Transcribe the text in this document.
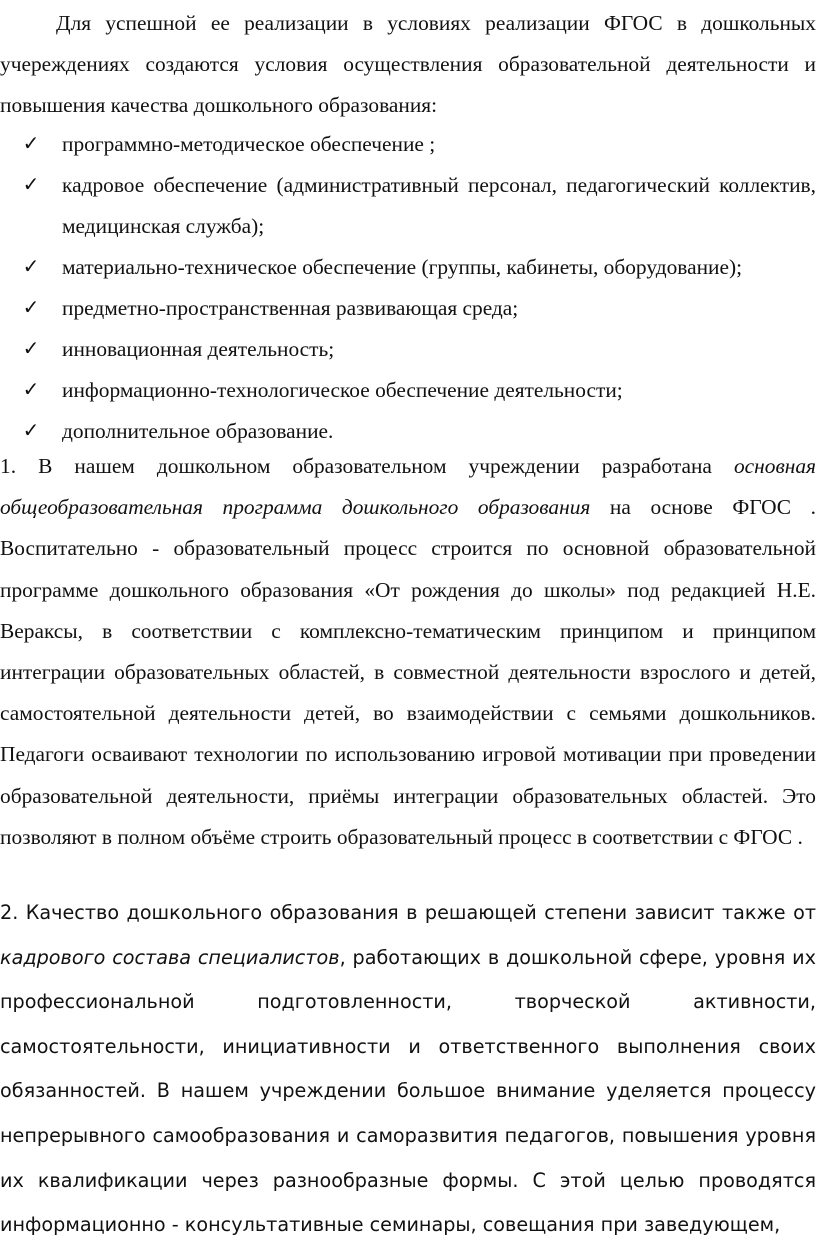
Для успешной ее реализации в условиях реализации ФГОС в дошкольных учереждениях создаются условия осуществления образовательной деятельности и повышения качества дошкольного образования:

✓ программно-методическое обеспечение ;
✓ кадровое обеспечение (административный персонал, педагогический коллектив, медицинская служба);
✓ материально-техническое обеспечение (группы, кабинеты, оборудование);
✓ предметно-пространственная развивающая среда;
✓ инновационная деятельность;
✓ информационно-технологическое обеспечение деятельности;
✓ дополнительное образование.

1. В нашем дошкольном образовательном учреждении разработана основная общеобразовательная программа дошкольного образования на основе ФГОС . Воспитательно - образовательный процесс строится по основной образовательной программе дошкольного образования «От рождения до школы» под редакцией Н.Е. Вераксы, в соответствии с комплексно-тематическим принципом и принципом интеграции образовательных областей, в совместной деятельности взрослого и детей, самостоятельной деятельности детей, во взаимодействии с семьями дошкольников. Педагоги осваивают технологии по использованию игровой мотивации при проведении образовательной деятельности, приёмы интеграции образовательных областей. Это позволяют в полном объёме строить образовательный процесс в соответствии с ФГОС .

2. Качество дошкольного образования в решающей степени зависит также от кадрового состава специалистов, работающих в дошкольной сфере, уровня их профессиональной подготовленности, творческой активности, самостоятельности, инициативности и ответственного выполнения своих обязанностей. В нашем учреждении большое внимание уделяется процессу непрерывного самообразования и саморазвития педагогов, повышения уровня их квалификации через разнообразные формы. С этой целью проводятся информационно - консультативные семинары, совещания при заведующем,
